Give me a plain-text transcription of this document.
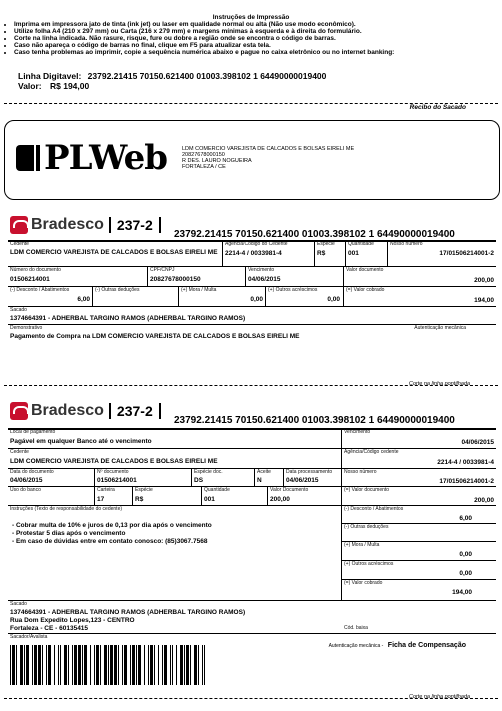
Instruções de Impressão
• Imprima em impressora jato de tinta (ink jet) ou laser em qualidade normal ou alta (Não use modo econômico).
• Utilize folha A4 (210 x 297 mm) ou Carta (216 x 279 mm) e margens mínimas à esquerda e à direita do formulário.
• Corte na linha indicada. Não rasure, risque, fure ou dobre a região onde se encontra o código de barras.
• Caso não apareça o código de barras no final, clique em F5 para atualizar esta tela.
• Caso tenha problemas ao imprimir, copie a sequência numérica abaixo e pague no caixa eletrônico ou no internet banking:
Linha Digitavel: 23792.21415 70150.621400 01003.398102 1 64490000019400
Valor: R$ 194,00
Recibo do Sacado
PLWeb	LDM COMERCIO VAREJISTA DE CALCADOS E BOLSAS EIRELI ME
20827678000150
R DES. LAURO NOGUEIRA
FORTALEZA / CE
Bradesco 237-2
23792.21415 70150.621400 01003.398102 1 64490000019400
Cedente
LDM COMERCIO VAREJISTA DE CALCADOS E BOLSAS EIRELI ME
Agência/Código do Cedente
2214-4 / 0033981-4
Espécie
R$
Quantidade
001
Nosso número
17/01506214001-2
Número do documento
01506214001
CPF/CNPJ
20827678000150
Vencimento
04/06/2015
Valor documento
200,00
(-) Desconto / Abatimentos
6,00
(-) Outras deduções	(+) Mora / Multa
0,00
(+) Outros acréscimos
0,00
(=) Valor cobrado
194,00
Sacado
1374664391 - ADHERBAL TARGINO RAMOS (ADHERBAL TARGINO RAMOS)
Demonstrativo	Autenticação mecânica
Pagamento de Compra na LDM COMERCIO VAREJISTA DE CALCADOS E BOLSAS EIRELI ME
Corte na linha pontilhada
Bradesco 237-2
23792.21415 70150.621400 01003.398102 1 64490000019400
Local de pagamento
Pagável em qualquer Banco até o vencimento
Vencimento
04/06/2015
Cedente
LDM COMERCIO VAREJISTA DE CALCADOS E BOLSAS EIRELI ME
Agência/Código cedente
2214-4 / 0033981-4
Data do documento
04/06/2015
Nº documento
01506214001
Espécie doc.
DS
Aceite
N
Data processamento
04/06/2015
Nosso número
17/01506214001-2
Uso do banco	Carteira
17
Espécie
R$
Quantidade
001
Valor Documento
200,00
(=) Valor documento
200,00
Instruções (Texto de responsabilidade do cedente)
- Cobrar multa de 10% e juros de 0,13 por dia após o vencimento
- Protestar 5 dias após o vencimento
- Em caso de dúvidas entre em contato conosco: (85)3067.7568
(-) Desconto / Abatimentos
6,00
(-) Outras deduções
(+) Mora / Multa
0,00
(+) Outros acréscimos
0,00
(=) Valor cobrado
194,00
Sacado
1374664391 - ADHERBAL TARGINO RAMOS (ADHERBAL TARGINO RAMOS)
Rua Dom Expedito Lopes,123 - CENTRO
Fortaleza - CE - 60135415	Cód. baixa
Sacador/Avalista
Autenticação mecânica - Ficha de Compensação
Corte na linha pontilhada
